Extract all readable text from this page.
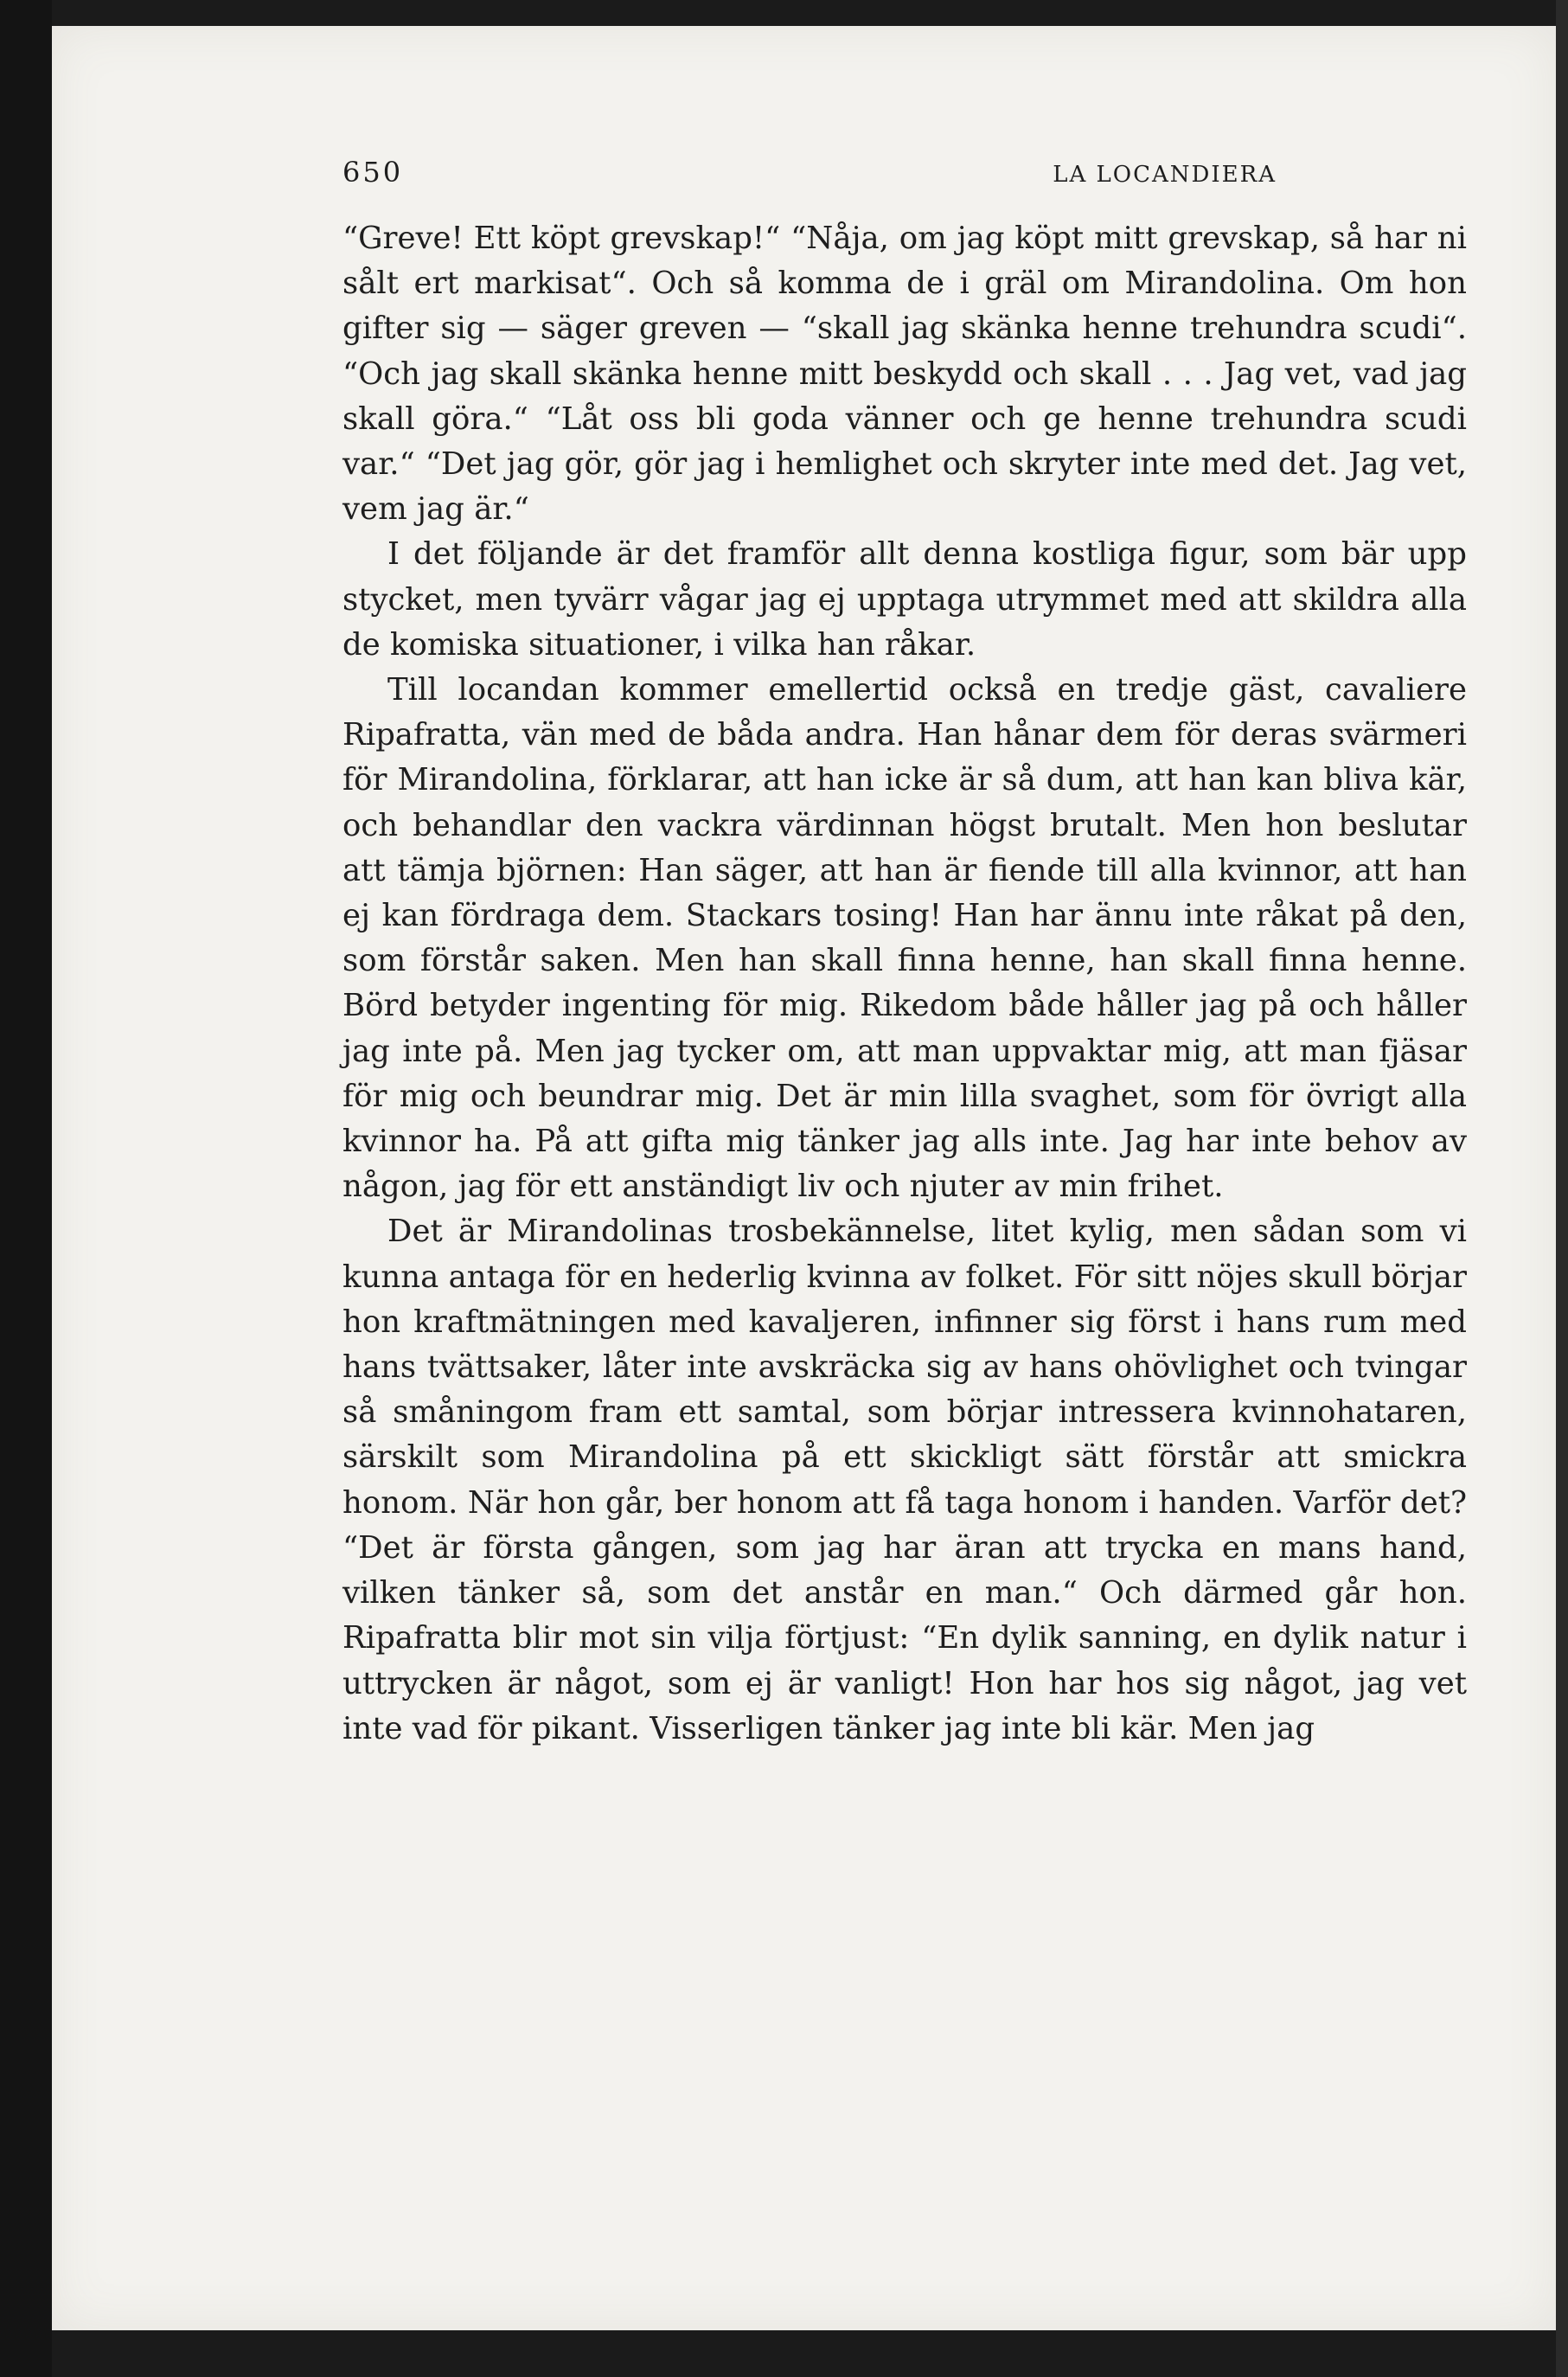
650	LA LOCANDIERA

“Greve! Ett köpt grevskap!“ “Nåja, om jag köpt mitt grevskap, så har ni sålt ert markisat“. Och så komma de i gräl om Mirandolina. Om hon gifter sig — säger greven — “skall jag skänka henne trehundra scudi“. “Och jag skall skänka henne mitt beskydd och skall . . . Jag vet, vad jag skall göra.“ “Låt oss bli goda vänner och ge henne trehundra scudi var.“ “Det jag gör, gör jag i hemlighet och skryter inte med det. Jag vet, vem jag är.“

I det följande är det framför allt denna kostliga figur, som bär upp stycket, men tyvärr vågar jag ej upptaga utrymmet med att skildra alla de komiska situationer, i vilka han råkar.

Till locandan kommer emellertid också en tredje gäst, cavaliere Ripafratta, vän med de båda andra. Han hånar dem för deras svärmeri för Mirandolina, förklarar, att han icke är så dum, att han kan bliva kär, och behandlar den vackra värdinnan högst brutalt. Men hon beslutar att tämja björnen: Han säger, att han är fiende till alla kvinnor, att han ej kan fördraga dem. Stackars tosing! Han har ännu inte råkat på den, som förstår saken. Men han skall finna henne, han skall finna henne. Börd betyder ingenting för mig. Rikedom både håller jag på och håller jag inte på. Men jag tycker om, att man uppvaktar mig, att man fjäsar för mig och beundrar mig. Det är min lilla svaghet, som för övrigt alla kvinnor ha. På att gifta mig tänker jag alls inte. Jag har inte behov av någon, jag för ett anständigt liv och njuter av min frihet.

Det är Mirandolinas trosbekännelse, litet kylig, men sådan som vi kunna antaga för en hederlig kvinna av folket. För sitt nöjes skull börjar hon kraftmätningen med kavaljeren, infinner sig först i hans rum med hans tvättsaker, låter inte avskräcka sig av hans ohövlighet och tvingar så småningom fram ett samtal, som börjar intressera kvinnohataren, särskilt som Mirandolina på ett skickligt sätt förstår att smickra honom. När hon går, ber honom att få taga honom i handen. Varför det? “Det är första gången, som jag har äran att trycka en mans hand, vilken tänker så, som det anstår en man.“ Och därmed går hon. Ripafratta blir mot sin vilja förtjust: “En dylik sanning, en dylik natur i uttrycken är något, som ej är vanligt! Hon har hos sig något, jag vet inte vad för pikant. Visserligen tänker jag inte bli kär. Men jag
